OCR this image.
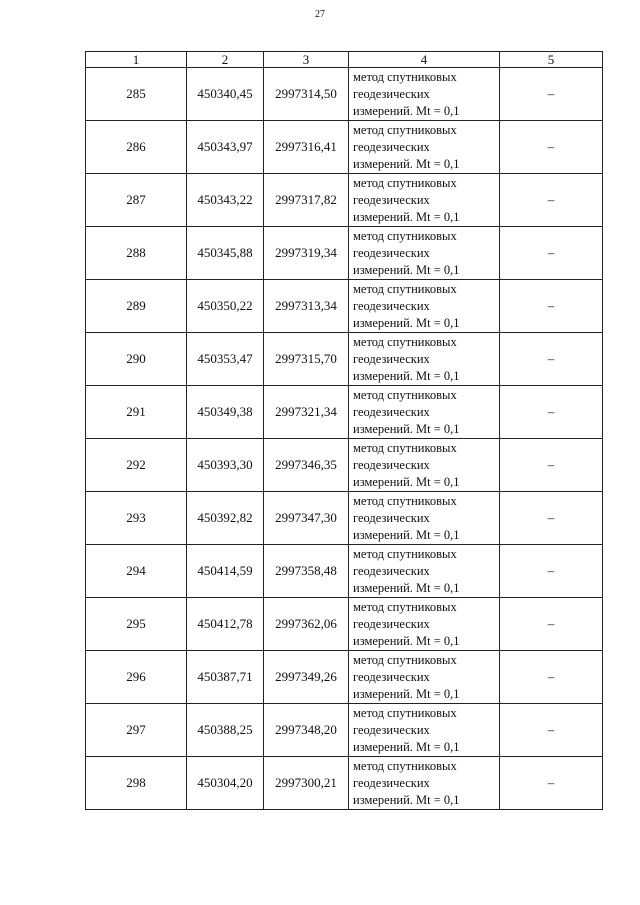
27
1	2	3	4	5
285	450340,45	2997314,50	метод спутниковых
геодезических
измерений. Mt = 0,1	–
286	450343,97	2997316,41	метод спутниковых
геодезических
измерений. Mt = 0,1	–
287	450343,22	2997317,82	метод спутниковых
геодезических
измерений. Mt = 0,1	–
288	450345,88	2997319,34	метод спутниковых
геодезических
измерений. Mt = 0,1	–
289	450350,22	2997313,34	метод спутниковых
геодезических
измерений. Mt = 0,1	–
290	450353,47	2997315,70	метод спутниковых
геодезических
измерений. Mt = 0,1	–
291	450349,38	2997321,34	метод спутниковых
геодезических
измерений. Mt = 0,1	–
292	450393,30	2997346,35	метод спутниковых
геодезических
измерений. Mt = 0,1	–
293	450392,82	2997347,30	метод спутниковых
геодезических
измерений. Mt = 0,1	–
294	450414,59	2997358,48	метод спутниковых
геодезических
измерений. Mt = 0,1	–
295	450412,78	2997362,06	метод спутниковых
геодезических
измерений. Mt = 0,1	–
296	450387,71	2997349,26	метод спутниковых
геодезических
измерений. Mt = 0,1	–
297	450388,25	2997348,20	метод спутниковых
геодезических
измерений. Mt = 0,1	–
298	450304,20	2997300,21	метод спутниковых
геодезических
измерений. Mt = 0,1	–
